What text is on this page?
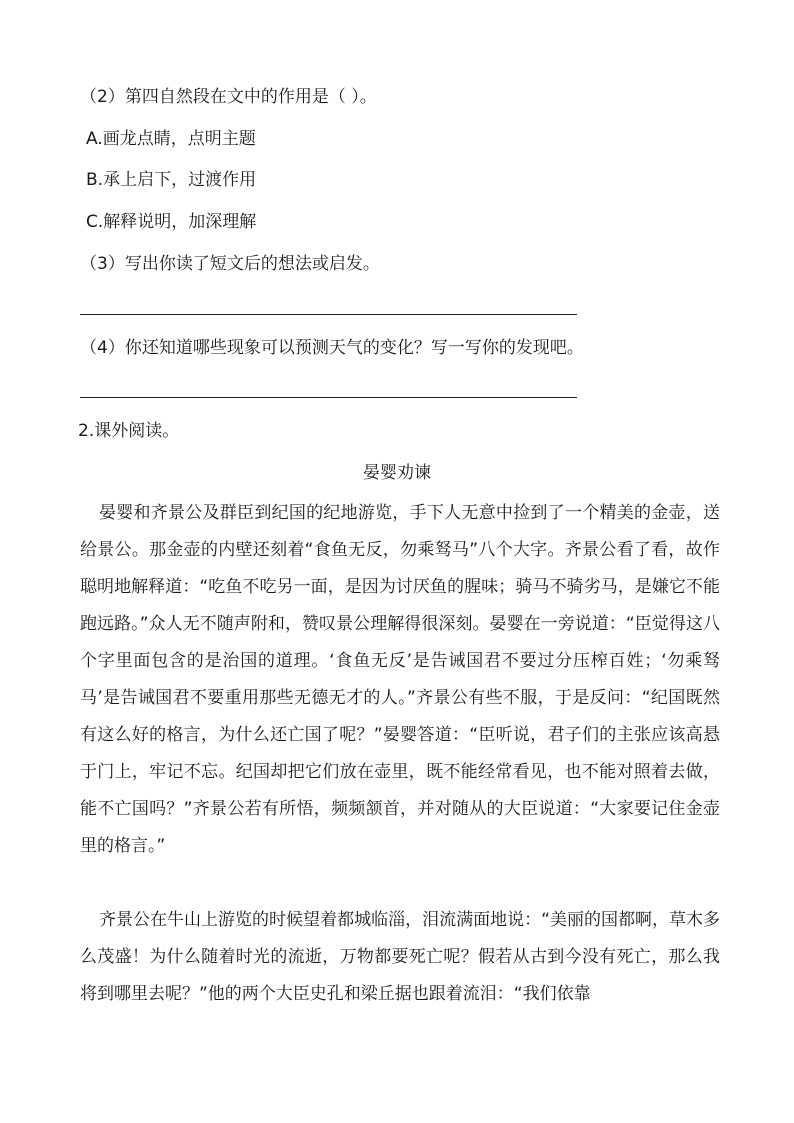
（2）第四自然段在文中的作用是（ ）。
A.画龙点睛，点明主题
B.承上启下，过渡作用
C.解释说明，加深理解
（3）写出你读了短文后的想法或启发。
（4）你还知道哪些现象可以预测天气的变化？写一写你的发现吧。
2.课外阅读。
晏婴劝谏

晏婴和齐景公及群臣到纪国的纪地游览，手下人无意中捡到了一个精美的金壶，送给景公。那金壶的内壁还刻着“食鱼无反，勿乘驽马”八个大字。齐景公看了看，故作聪明地解释道：“吃鱼不吃另一面，是因为讨厌鱼的腥味；骑马不骑劣马，是嫌它不能跑远路。”众人无不随声附和，赞叹景公理解得很深刻。晏婴在一旁说道：“臣觉得这八个字里面包含的是治国的道理。‘食鱼无反’是告诫国君不要过分压榨百姓；‘勿乘驽马’是告诫国君不要重用那些无德无才的人。”齐景公有些不服，于是反问：“纪国既然有这么好的格言，为什么还亡国了呢？”晏婴答道：“臣听说，君子们的主张应该高悬于门上，牢记不忘。纪国却把它们放在壶里，既不能经常看见，也不能对照着去做，能不亡国吗？”齐景公若有所悟，频频颔首，并对随从的大臣说道：“大家要记住金壶里的格言。”

齐景公在牛山上游览的时候望着都城临淄，泪流满面地说：“美丽的国都啊，草木多么茂盛！为什么随着时光的流逝，万物都要死亡呢？假若从古到今没有死亡，那么我将到哪里去呢？”他的两个大臣史孔和梁丘据也跟着流泪：“我们依靠
